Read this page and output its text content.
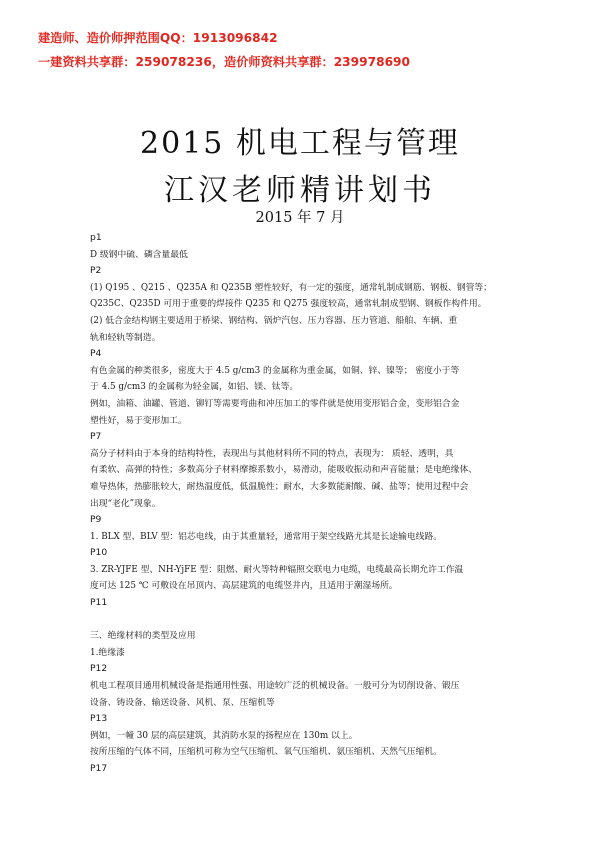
建造师、造价师押范围QQ：1913096842
一建资料共享群：259078236，造价师资料共享群：239978690
2015 机电工程与管理
江汉老师精讲划书
2015 年 7 月
p1
D 级钢中硫、磷含量最低
P2
(1) Q195 、Q215 、Q235A 和 Q235B 塑性较好，有一定的强度，通常轧制成钢筋、钢板、钢管等；
Q235C、Q235D 可用于重要的焊接件 Q235 和 Q275 强度较高，通常轧制成型钢、钢板作构件用。
(2) 低合金结构钢主要适用于桥梁、钢结构、锅炉汽包、压力容器、压力管道、船舶、车辆、重
轨和轻轨等制造。
P4
有色金属的种类很多，密度大于 4.5 g/cm3 的金属称为重金属，如铜、锌、镍等； 密度小于等
于 4.5 g/cm3 的金属称为轻金属，如铝、镁、钛等。
例如，油箱、油罐、管道、铆钉等需要弯曲和冲压加工的零件就是使用变形铝合金，变形铝合金
塑性好，易于变形加工。
P7
高分子材料由于本身的结构特性，表现出与其他材料所不同的特点，表现为： 质轻、透明，具
有柔软、高弹的特性；多数高分子材料摩擦系数小，易滑动，能吸收振动和声音能量；是电绝缘体、
难导热体，热膨胀较大，耐热温度低，低温脆性；耐水，大多数能耐酸、碱、盐等；使用过程中会
出现“老化”现象。
P9
1. BLX 型、BLV 型：铝芯电线，由于其重量轻，通常用于架空线路尤其是长途输电线路。
P10
3. ZR-YJFE 型、NH-YjFE 型：阻燃、耐火等特种辐照交联电力电缆，电缆最高长期允许工作温
度可达 125 ℃ 可敷设在吊顶内、高层建筑的电缆竖井内，且适用于潮湿场所。
P11
三、绝缘材料的类型及应用
1.绝缘漆
P12
机电工程项目通用机械设备是指通用性强、用途较广泛的机械设备。一般可分为切削设备、锻压
设备、铸设备、输送设备、风机、泵、压缩机等
P13
例如，一幢 30 层的高层建筑，其消防水泵的扬程应在 130m 以上。
按所压缩的气体不同，压缩机可称为空气压缩机、氧气压缩机、氨压缩机、天然气压缩机。
P17
